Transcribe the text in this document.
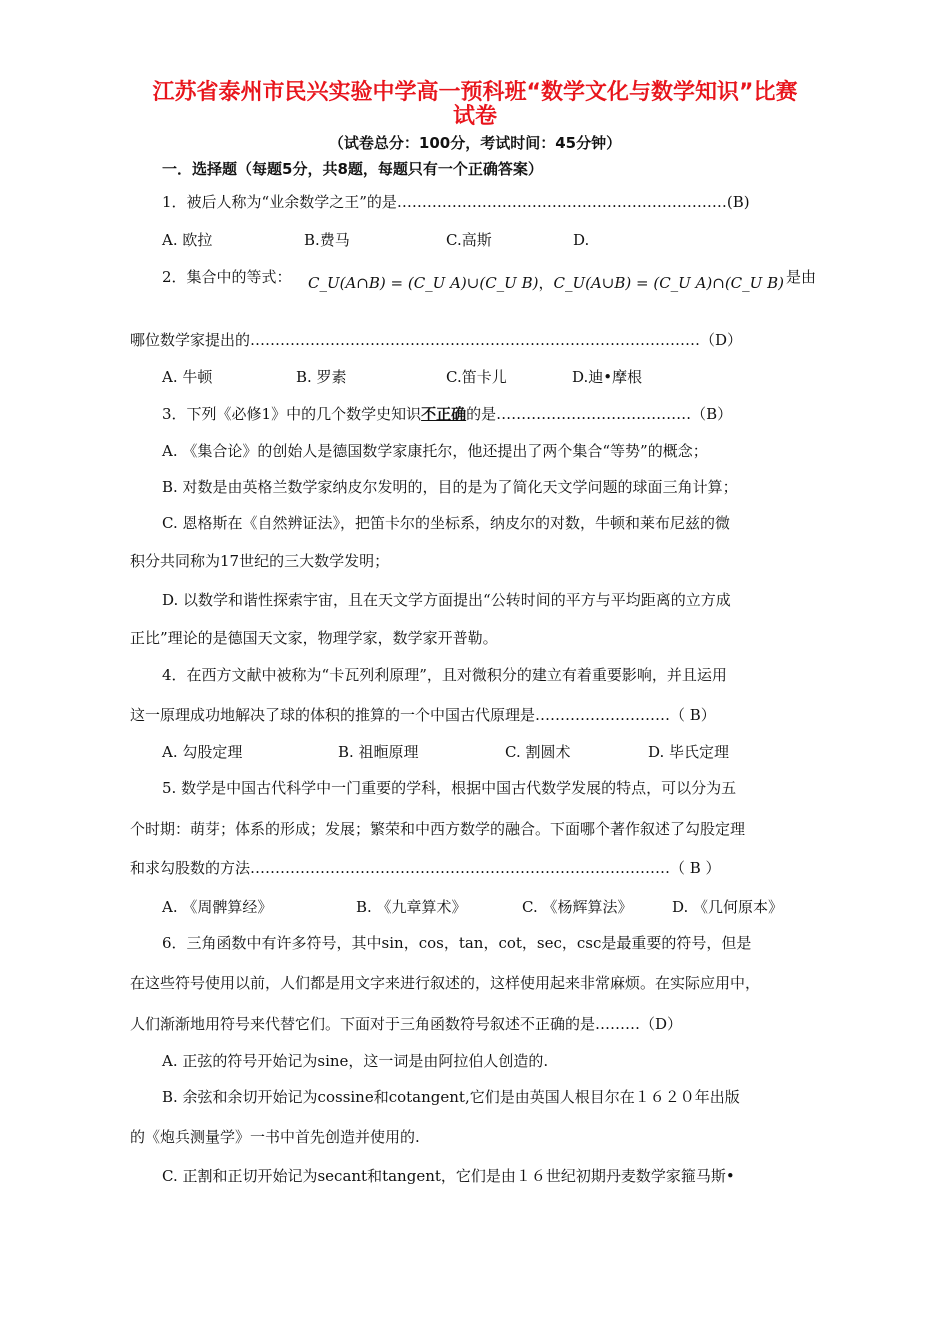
江苏省泰州市民兴实验中学高一预科班“数学文化与数学知识”比赛
试卷
（试卷总分：100分，考试时间：45分钟）
一．选择题（每题5分，共8题，每题只有一个正确答案）
1．被后人称为“业余数学之王”的是…………………………………………………………(B)
A. 欧拉	B.费马	C.高斯	D.
2．集合中的等式： C_U(A∩B) = (C_U A)∪(C_U B)，C_U(A∪B) = (C_U A)∩(C_U B) 是由
哪位数学家提出的………………………………………………………………………………（D）
A. 牛顿	B. 罗素	C.笛卡儿	D.迪•摩根
3．下列《必修1》中的几个数学史知识不正确的是…………………………………（B）
A. 《集合论》的创始人是德国数学家康托尔，他还提出了两个集合“等势”的概念；
B. 对数是由英格兰数学家纳皮尔发明的，目的是为了简化天文学问题的球面三角计算；
C. 恩格斯在《自然辨证法》，把笛卡尔的坐标系，纳皮尔的对数，牛顿和莱布尼兹的微
积分共同称为17世纪的三大数学发明；
D. 以数学和谐性探索宇宙，且在天文学方面提出“公转时间的平方与平均距离的立方成
正比”理论的是德国天文家，物理学家，数学家开普勒。
4．在西方文献中被称为“卡瓦列利原理”，且对微积分的建立有着重要影响，并且运用
这一原理成功地解决了球的体积的推算的一个中国古代原理是………………………（ B）
A. 勾股定理	B. 祖暅原理	C. 割圆术	D. 毕氏定理
5. 数学是中国古代科学中一门重要的学科，根据中国古代数学发展的特点，可以分为五
个时期：萌芽；体系的形成；发展；繁荣和中西方数学的融合。下面哪个著作叙述了勾股定理
和求勾股数的方法…………………………………………………………………………（ B ）
A. 《周髀算经》	B. 《九章算术》	C. 《杨辉算法》	D. 《几何原本》
6．三角函数中有许多符号，其中sin，cos，tan，cot，sec，csc是最重要的符号，但是
在这些符号使用以前，人们都是用文字来进行叙述的，这样使用起来非常麻烦。在实际应用中，
人们渐渐地用符号来代替它们。下面对于三角函数符号叙述不正确的是………（D）
A. 正弦的符号开始记为sine，这一词是由阿拉伯人创造的.
B. 余弦和余切开始记为cossine和cotangent,它们是由英国人根目尔在１６２０年出版
的《炮兵测量学》一书中首先创造并使用的.
C. 正割和正切开始记为secant和tangent，它们是由１６世纪初期丹麦数学家箍马斯•
